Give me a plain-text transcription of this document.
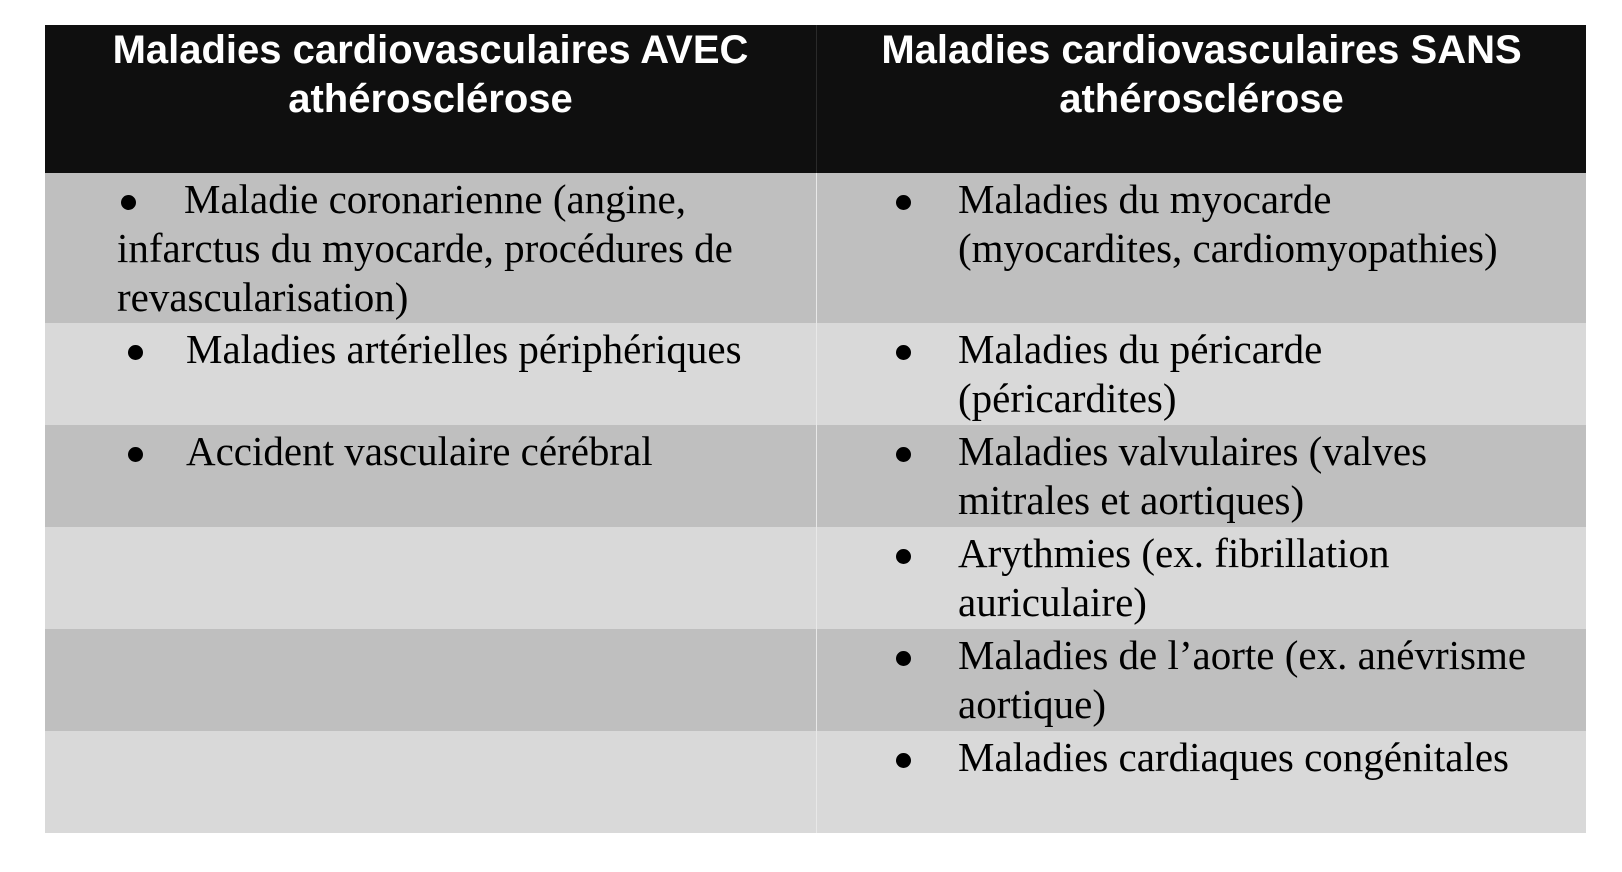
Maladies cardiovasculaires AVEC
athérosclérose
Maladies cardiovasculaires SANS
athérosclérose
Maladie coronarienne (angine,
infarctus du myocarde, procédures de
revascularisation)
Maladies du myocarde
(myocardites, cardiomyopathies)
Maladies artérielles périphériques	Maladies du péricarde
(péricardites)
Accident vasculaire cérébral	Maladies valvulaires (valves
mitrales et aortiques)
Arythmies (ex. fibrillation
auriculaire)
Maladies de l’aorte (ex. anévrisme
aortique)
Maladies cardiaques congénitales
